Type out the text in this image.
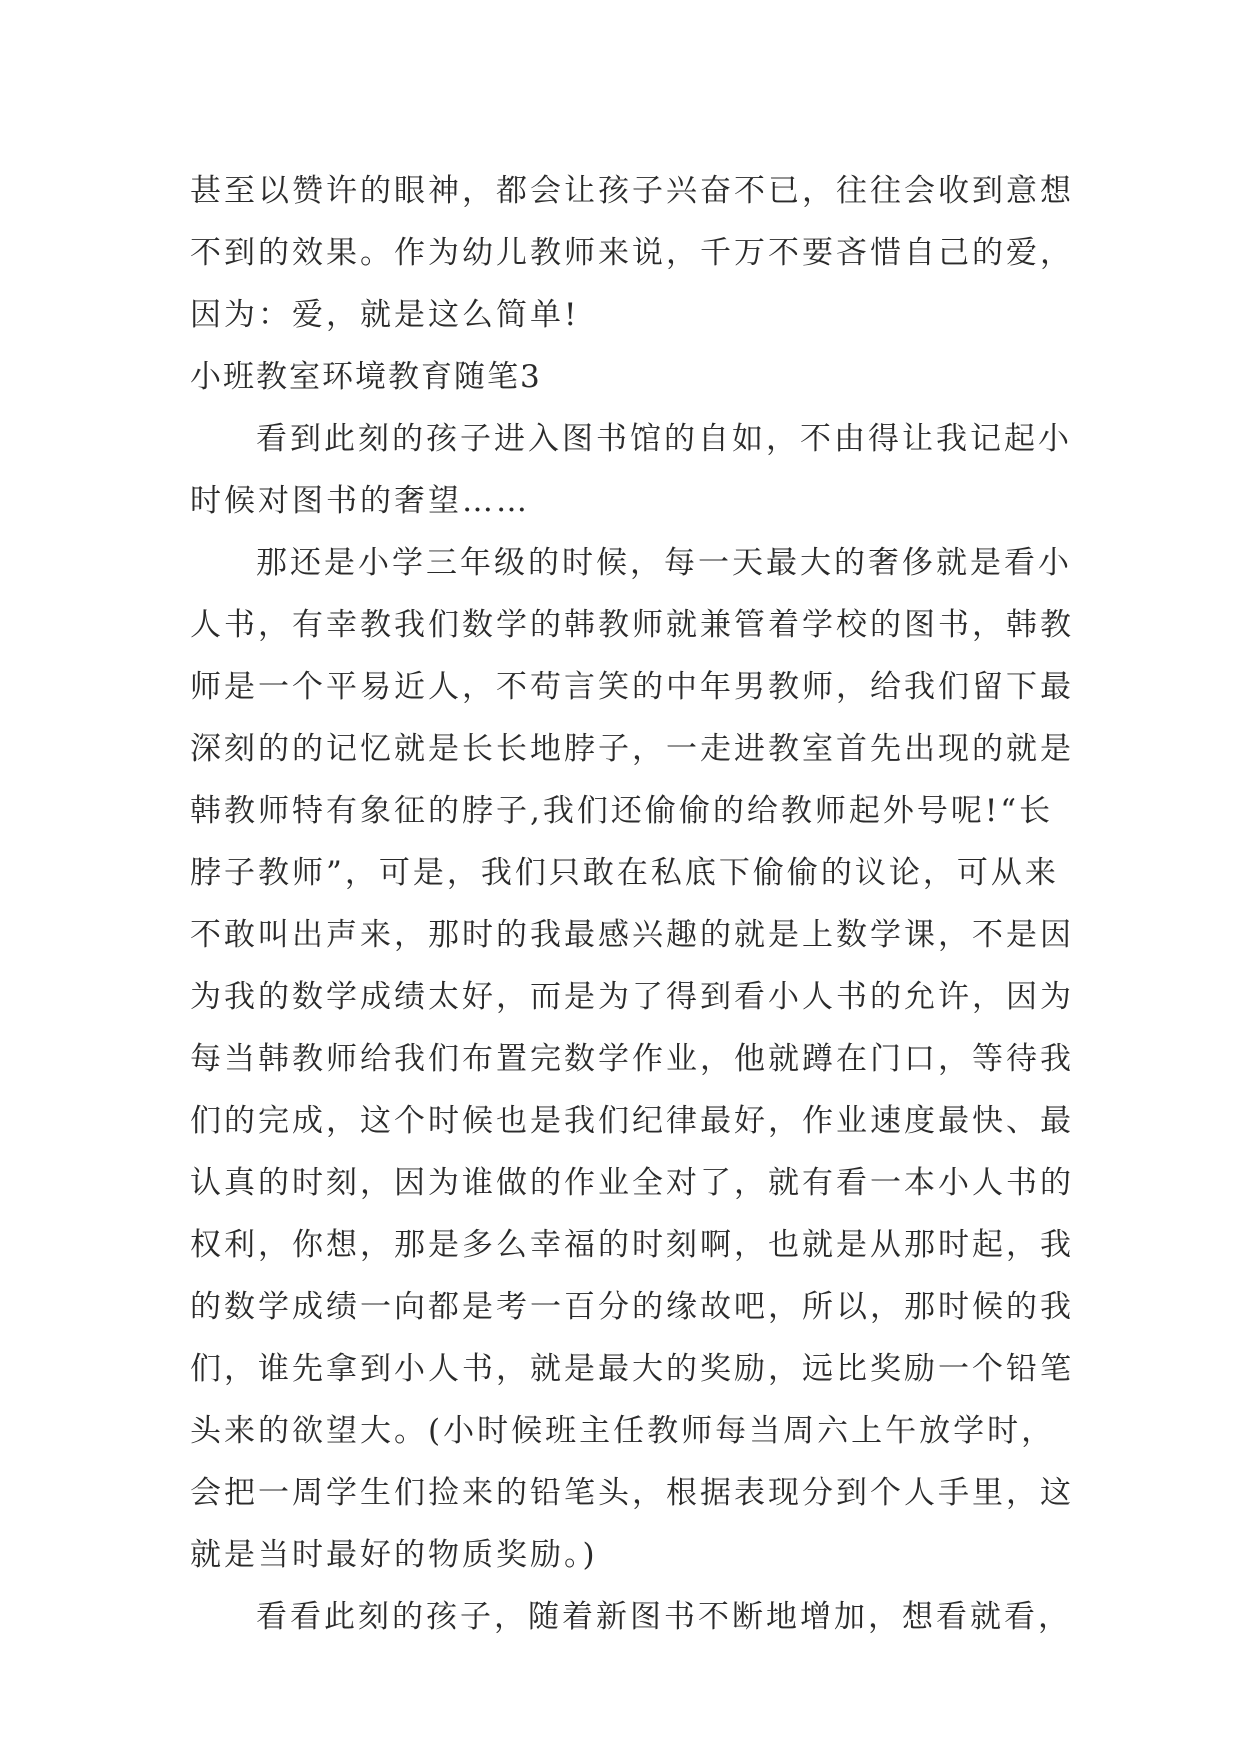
甚至以赞许的眼神，都会让孩子兴奋不已，往往会收到意想
不到的效果。作为幼儿教师来说，千万不要吝惜自己的爱，
因为：爱，就是这么简单!
小班教室环境教育随笔3
看到此刻的孩子进入图书馆的自如，不由得让我记起小
时候对图书的奢望……
那还是小学三年级的时候，每一天最大的奢侈就是看小
人书，有幸教我们数学的韩教师就兼管着学校的图书，韩教
师是一个平易近人，不苟言笑的中年男教师，给我们留下最
深刻的的记忆就是长长地脖子，一走进教室首先出现的就是
韩教师特有象征的脖子,我们还偷偷的给教师起外号呢!“长
脖子教师”，可是，我们只敢在私底下偷偷的议论，可从来
不敢叫出声来，那时的我最感兴趣的就是上数学课，不是因
为我的数学成绩太好，而是为了得到看小人书的允许，因为
每当韩教师给我们布置完数学作业，他就蹲在门口，等待我
们的完成，这个时候也是我们纪律最好，作业速度最快、最
认真的时刻，因为谁做的作业全对了，就有看一本小人书的
权利，你想，那是多么幸福的时刻啊，也就是从那时起，我
的数学成绩一向都是考一百分的缘故吧，所以，那时候的我
们，谁先拿到小人书，就是最大的奖励，远比奖励一个铅笔
头来的欲望大。(小时候班主任教师每当周六上午放学时，
会把一周学生们捡来的铅笔头，根据表现分到个人手里，这
就是当时最好的物质奖励。)
看看此刻的孩子，随着新图书不断地增加，想看就看，
